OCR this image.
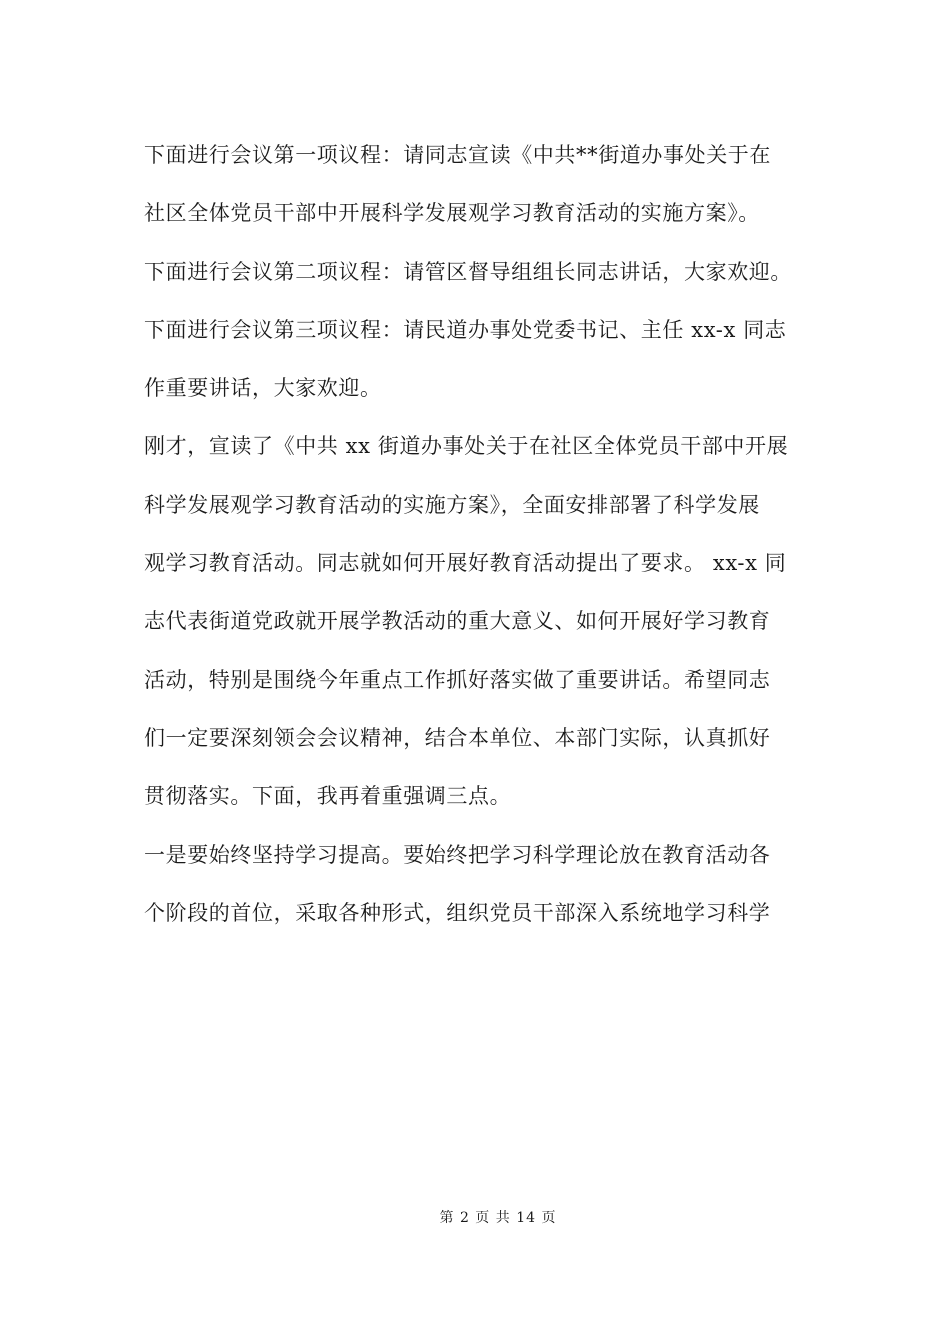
下面进行会议第一项议程：请同志宣读《中共**街道办事处关于在
社区全体党员干部中开展科学发展观学习教育活动的实施方案》。
下面进行会议第二项议程：请管区督导组组长同志讲话，大家欢迎。
下面进行会议第三项议程：请民道办事处党委书记、主任 xx-x 同志
作重要讲话，大家欢迎。
刚才，宣读了《中共 xx 街道办事处关于在社区全体党员干部中开展
科学发展观学习教育活动的实施方案》，全面安排部署了科学发展
观学习教育活动。同志就如何开展好教育活动提出了要求。 xx-x 同
志代表街道党政就开展学教活动的重大意义、如何开展好学习教育
活动，特别是围绕今年重点工作抓好落实做了重要讲话。希望同志
们一定要深刻领会会议精神，结合本单位、本部门实际，认真抓好
贯彻落实。下面，我再着重强调三点。
一是要始终坚持学习提高。要始终把学习科学理论放在教育活动各
个阶段的首位，采取各种形式，组织党员干部深入系统地学习科学
第 2 页 共 14 页
